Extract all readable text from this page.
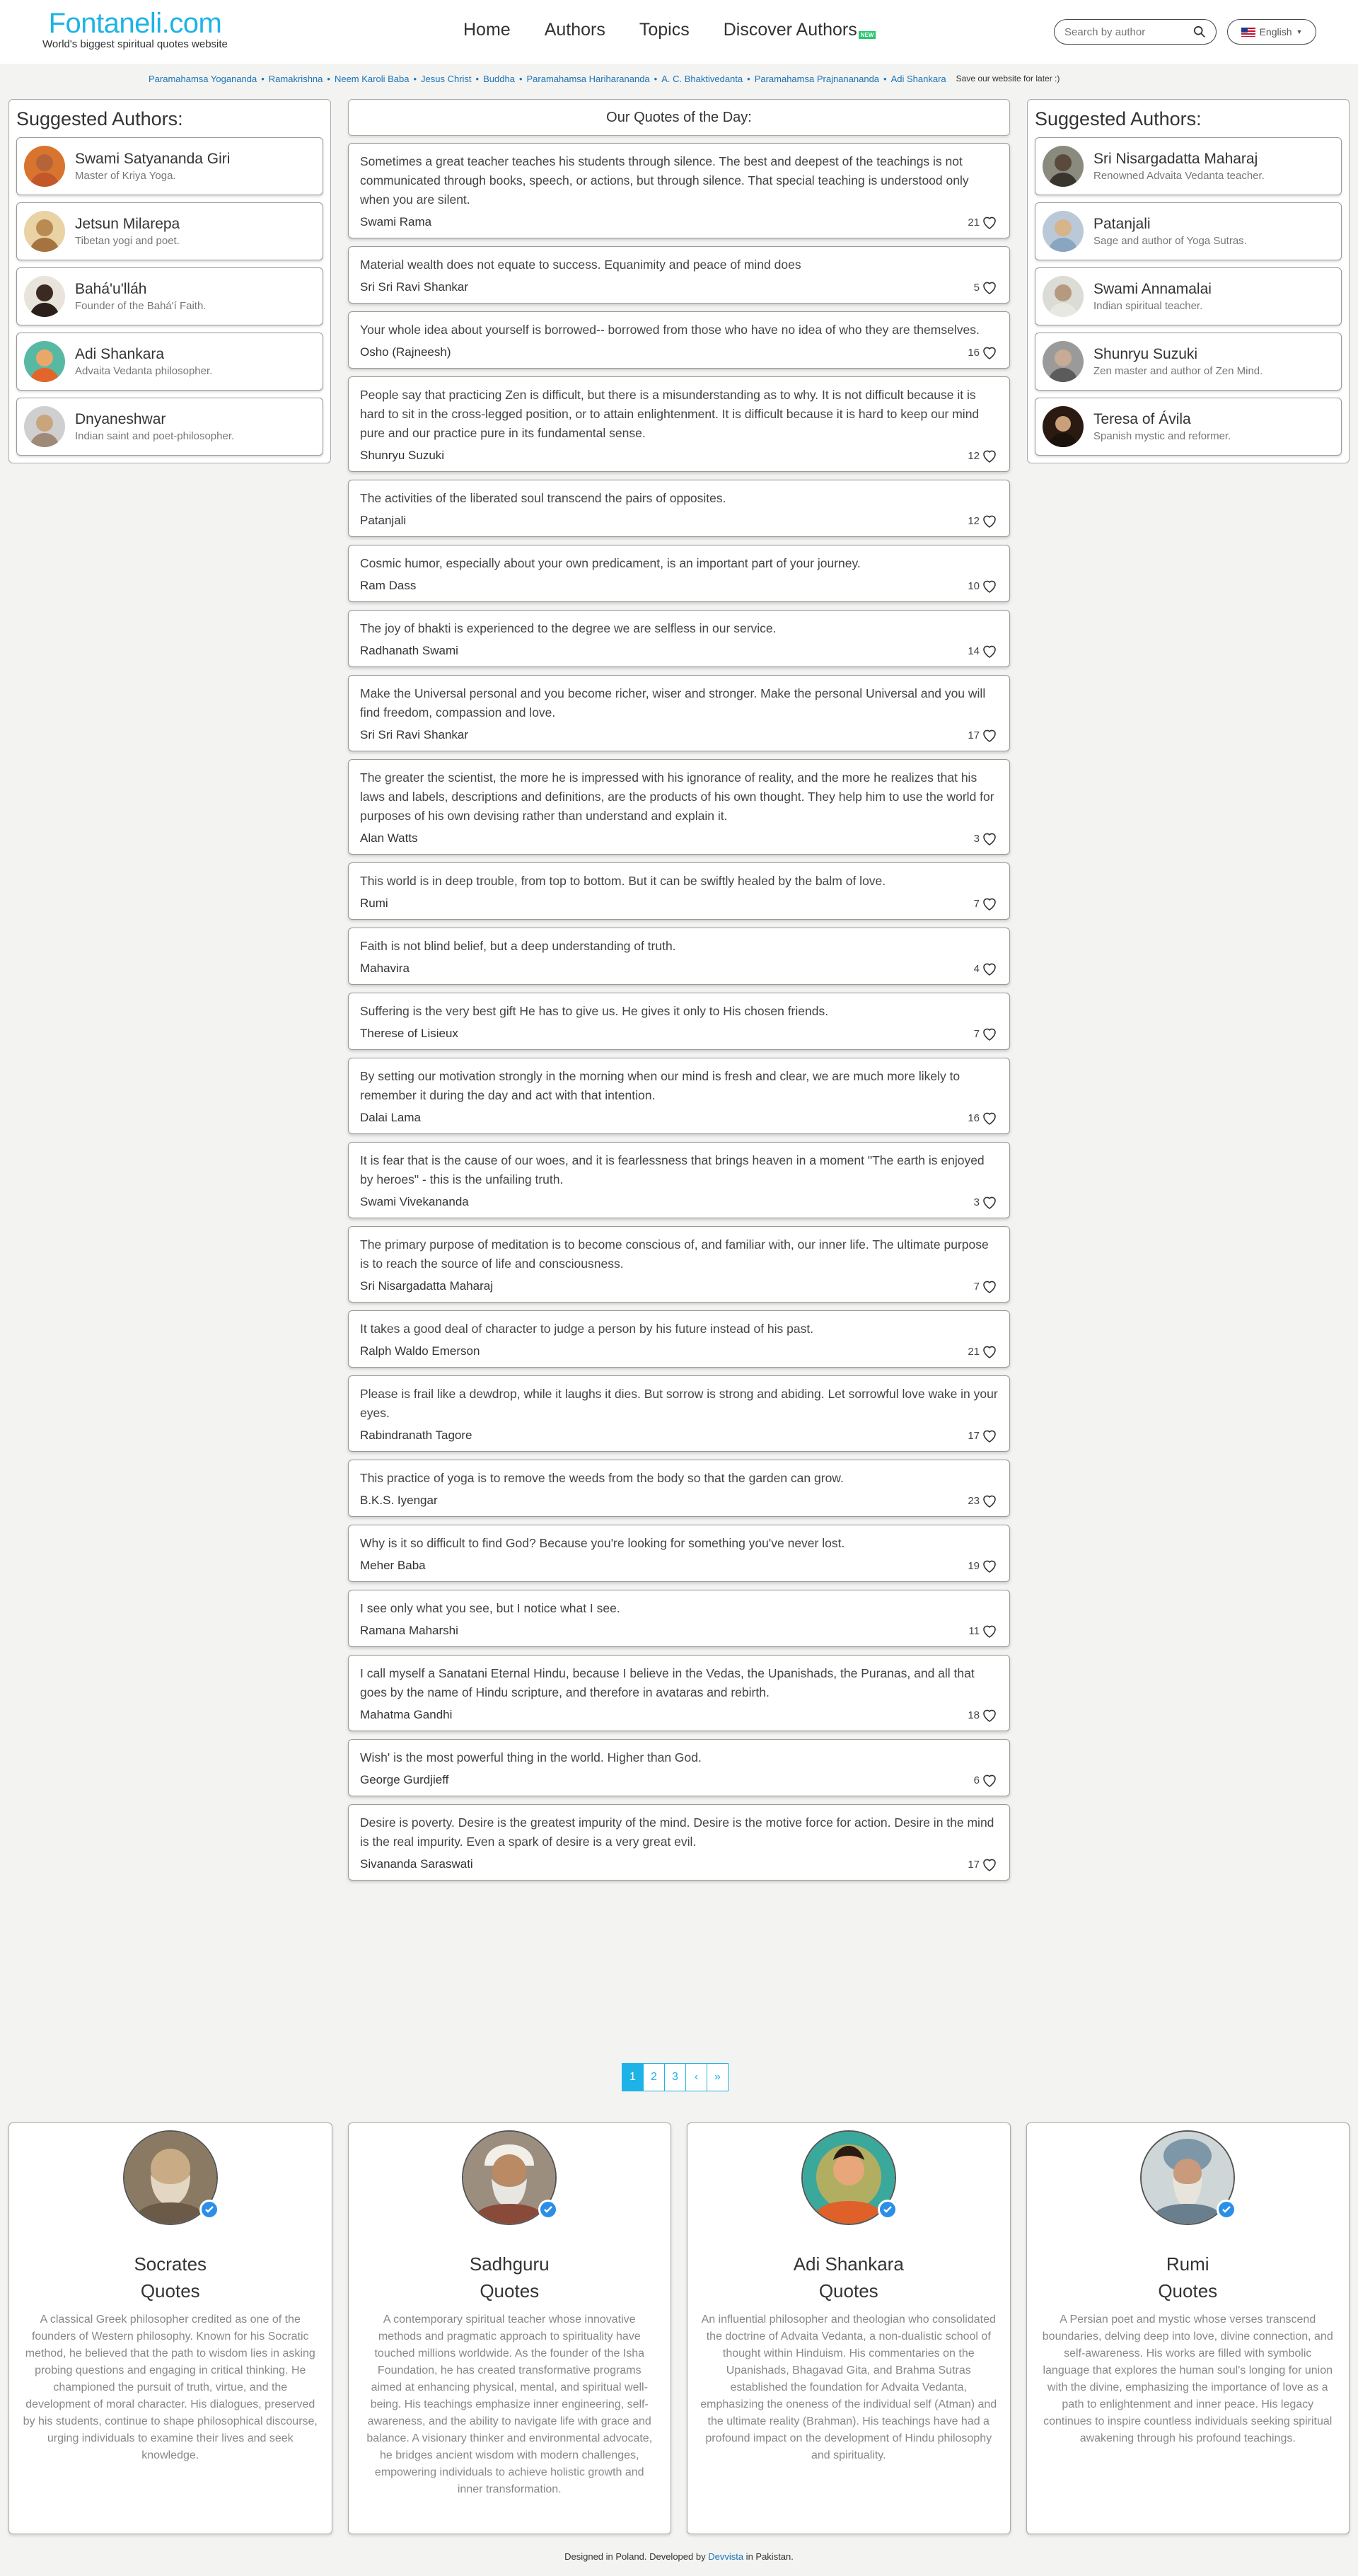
Fontaneli.com
World's biggest spiritual quotes website
Home Authors Topics Discover Authors NEW
Search by author	English ▼
Paramahamsa Yogananda • Ramakrishna • Neem Karoli Baba • Jesus Christ • Buddha • Paramahamsa Hariharananda • A. C. Bhaktivedanta • Paramahamsa Prajnanananda • Adi Shankara Save our website for later :)
Suggested Authors:
Swami Satyananda Giri
Master of Kriya Yoga.
Jetsun Milarepa
Tibetan yogi and poet.
Bahá'u'lláh
Founder of the Bahá'í Faith.
Adi Shankara
Advaita Vedanta philosopher.
Dnyaneshwar
Indian saint and poet-philosopher.
Suggested Authors:
Sri Nisargadatta Maharaj
Renowned Advaita Vedanta teacher.
Patanjali
Sage and author of Yoga Sutras.
Swami Annamalai
Indian spiritual teacher.
Shunryu Suzuki
Zen master and author of Zen Mind.
Teresa of Ávila
Spanish mystic and reformer.
Our Quotes of the Day:
Sometimes a great teacher teaches his students through silence. The best and deepest of the teachings is not communicated through books, speech, or actions, but through silence. That special teaching is understood only when you are silent.
Swami Rama	21
Material wealth does not equate to success. Equanimity and peace of mind does
Sri Sri Ravi Shankar	5
Your whole idea about yourself is borrowed-- borrowed from those who have no idea of who they are themselves.
Osho (Rajneesh)	16
People say that practicing Zen is difficult, but there is a misunderstanding as to why. It is not difficult because it is hard to sit in the cross-legged position, or to attain enlightenment. It is difficult because it is hard to keep our mind pure and our practice pure in its fundamental sense.
Shunryu Suzuki	12
The activities of the liberated soul transcend the pairs of opposites.
Patanjali	12
Cosmic humor, especially about your own predicament, is an important part of your journey.
Ram Dass	10
The joy of bhakti is experienced to the degree we are selfless in our service.
Radhanath Swami	14
Make the Universal personal and you become richer, wiser and stronger. Make the personal Universal and you will find freedom, compassion and love.
Sri Sri Ravi Shankar	17
The greater the scientist, the more he is impressed with his ignorance of reality, and the more he realizes that his laws and labels, descriptions and definitions, are the products of his own thought. They help him to use the world for purposes of his own devising rather than understand and explain it.
Alan Watts	3
This world is in deep trouble, from top to bottom. But it can be swiftly healed by the balm of love.
Rumi	7
Faith is not blind belief, but a deep understanding of truth.
Mahavira	4
Suffering is the very best gift He has to give us. He gives it only to His chosen friends.
Therese of Lisieux	7
By setting our motivation strongly in the morning when our mind is fresh and clear, we are much more likely to remember it during the day and act with that intention.
Dalai Lama	16
It is fear that is the cause of our woes, and it is fearlessness that brings heaven in a moment "The earth is enjoyed by heroes" - this is the unfailing truth.
Swami Vivekananda	3
The primary purpose of meditation is to become conscious of, and familiar with, our inner life. The ultimate purpose is to reach the source of life and consciousness.
Sri Nisargadatta Maharaj	7
It takes a good deal of character to judge a person by his future instead of his past.
Ralph Waldo Emerson	21
Please is frail like a dewdrop, while it laughs it dies. But sorrow is strong and abiding. Let sorrowful love wake in your eyes.
Rabindranath Tagore	17
This practice of yoga is to remove the weeds from the body so that the garden can grow.
B.K.S. Iyengar	23
Why is it so difficult to find God? Because you're looking for something you've never lost.
Meher Baba	19
I see only what you see, but I notice what I see.
Ramana Maharshi	11
I call myself a Sanatani Eternal Hindu, because I believe in the Vedas, the Upanishads, the Puranas, and all that goes by the name of Hindu scripture, and therefore in avataras and rebirth.
Mahatma Gandhi	18
Wish' is the most powerful thing in the world. Higher than God.
George Gurdjieff	6
Desire is poverty. Desire is the greatest impurity of the mind. Desire is the motive force for action. Desire in the mind is the real impurity. Even a spark of desire is a very great evil.
Sivananda Saraswati	17
1	2	3	‹	»
Socrates
Quotes
A classical Greek philosopher credited as one of the founders of Western philosophy. Known for his Socratic method, he believed that the path to wisdom lies in asking probing questions and engaging in critical thinking. He championed the pursuit of truth, virtue, and the development of moral character. His dialogues, preserved by his students, continue to shape philosophical discourse, urging individuals to examine their lives and seek knowledge.
Sadhguru
Quotes
A contemporary spiritual teacher whose innovative methods and pragmatic approach to spirituality have touched millions worldwide. As the founder of the Isha Foundation, he has created transformative programs aimed at enhancing physical, mental, and spiritual well-being. His teachings emphasize inner engineering, self-awareness, and the ability to navigate life with grace and balance. A visionary thinker and environmental advocate, he bridges ancient wisdom with modern challenges, empowering individuals to achieve holistic growth and inner transformation.
Adi Shankara
Quotes
An influential philosopher and theologian who consolidated the doctrine of Advaita Vedanta, a non-dualistic school of thought within Hinduism. His commentaries on the Upanishads, Bhagavad Gita, and Brahma Sutras established the foundation for Advaita Vedanta, emphasizing the oneness of the individual self (Atman) and the ultimate reality (Brahman). His teachings have had a profound impact on the development of Hindu philosophy and spirituality.
Rumi
Quotes
A Persian poet and mystic whose verses transcend boundaries, delving deep into love, divine connection, and self-awareness. His works are filled with symbolic language that explores the human soul's longing for union with the divine, emphasizing the importance of love as a path to enlightenment and inner peace. His legacy continues to inspire countless individuals seeking spiritual awakening through his profound teachings.
Designed in Poland. Developed by Devvista in Pakistan.
